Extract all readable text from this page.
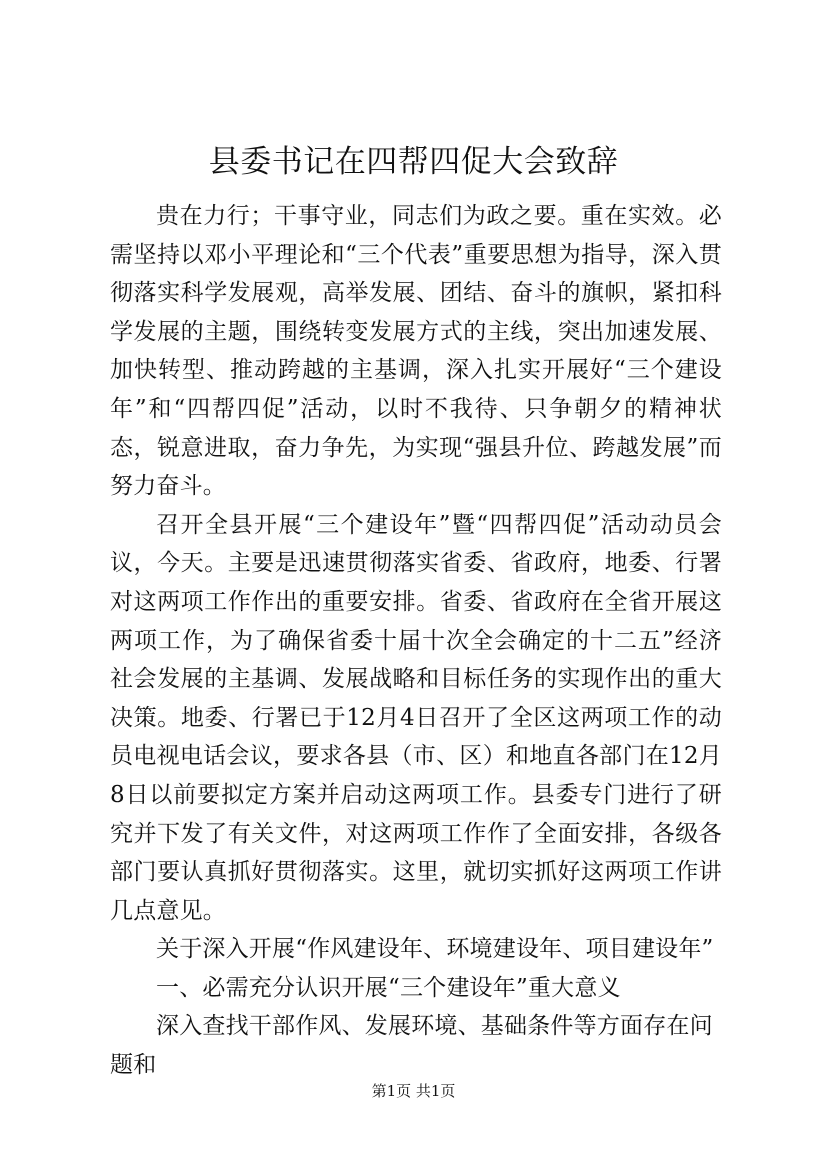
县委书记在四帮四促大会致辞

贵在力行；干事守业，同志们为政之要。重在实效。必需坚持以邓小平理论和“三个代表”重要思想为指导，深入贯彻落实科学发展观，高举发展、团结、奋斗的旗帜，紧扣科学发展的主题，围绕转变发展方式的主线，突出加速发展、加快转型、推动跨越的主基调，深入扎实开展好“三个建设年”和“四帮四促”活动，以时不我待、只争朝夕的精神状态，锐意进取，奋力争先，为实现“强县升位、跨越发展”而努力奋斗。

召开全县开展“三个建设年”暨“四帮四促”活动动员会议，今天。主要是迅速贯彻落实省委、省政府，地委、行署对这两项工作作出的重要安排。省委、省政府在全省开展这两项工作，为了确保省委十届十次全会确定的十二五”经济社会发展的主基调、发展战略和目标任务的实现作出的重大决策。地委、行署已于12月4日召开了全区这两项工作的动员电视电话会议，要求各县（市、区）和地直各部门在12月8日以前要拟定方案并启动这两项工作。县委专门进行了研究并下发了有关文件，对这两项工作作了全面安排，各级各部门要认真抓好贯彻落实。这里，就切实抓好这两项工作讲几点意见。

关于深入开展“作风建设年、环境建设年、项目建设年”

一、必需充分认识开展“三个建设年”重大意义

深入查找干部作风、发展环境、基础条件等方面存在问题和

第1页 共1页
